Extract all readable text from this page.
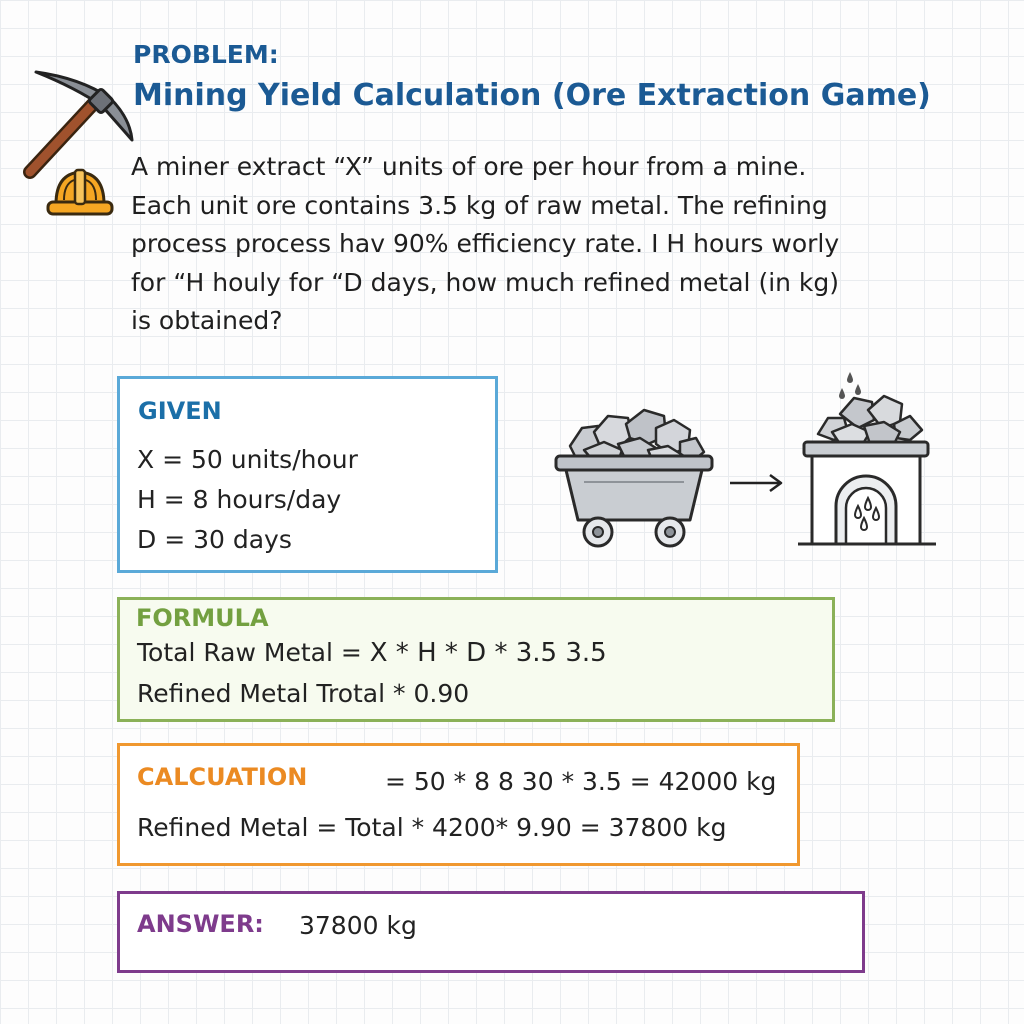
PROBLEM:
Mining Yield Calculation (Ore Extraction Game)

A miner extract “X” units of ore per hour from a mine.
Each unit ore contains 3.5 kg of raw metal. The refining
process process hav 90% efficiency rate. I H hours worly
for “H houly for “D days, how much refined metal (in kg)
is obtained?

GIVEN
X = 50 units/hour
H = 8 hours/day
D = 30 days
FORMULA
Total Raw Metal = X * H * D * 3.5 3.5
Refined Metal Trotal * 0.90
CALCUATION	= 50 * 8 8 30 * 3.5 = 42000 kg
Refined Metal = Total * 4200* 9.90 = 37800 kg
ANSWER: 37800 kg
